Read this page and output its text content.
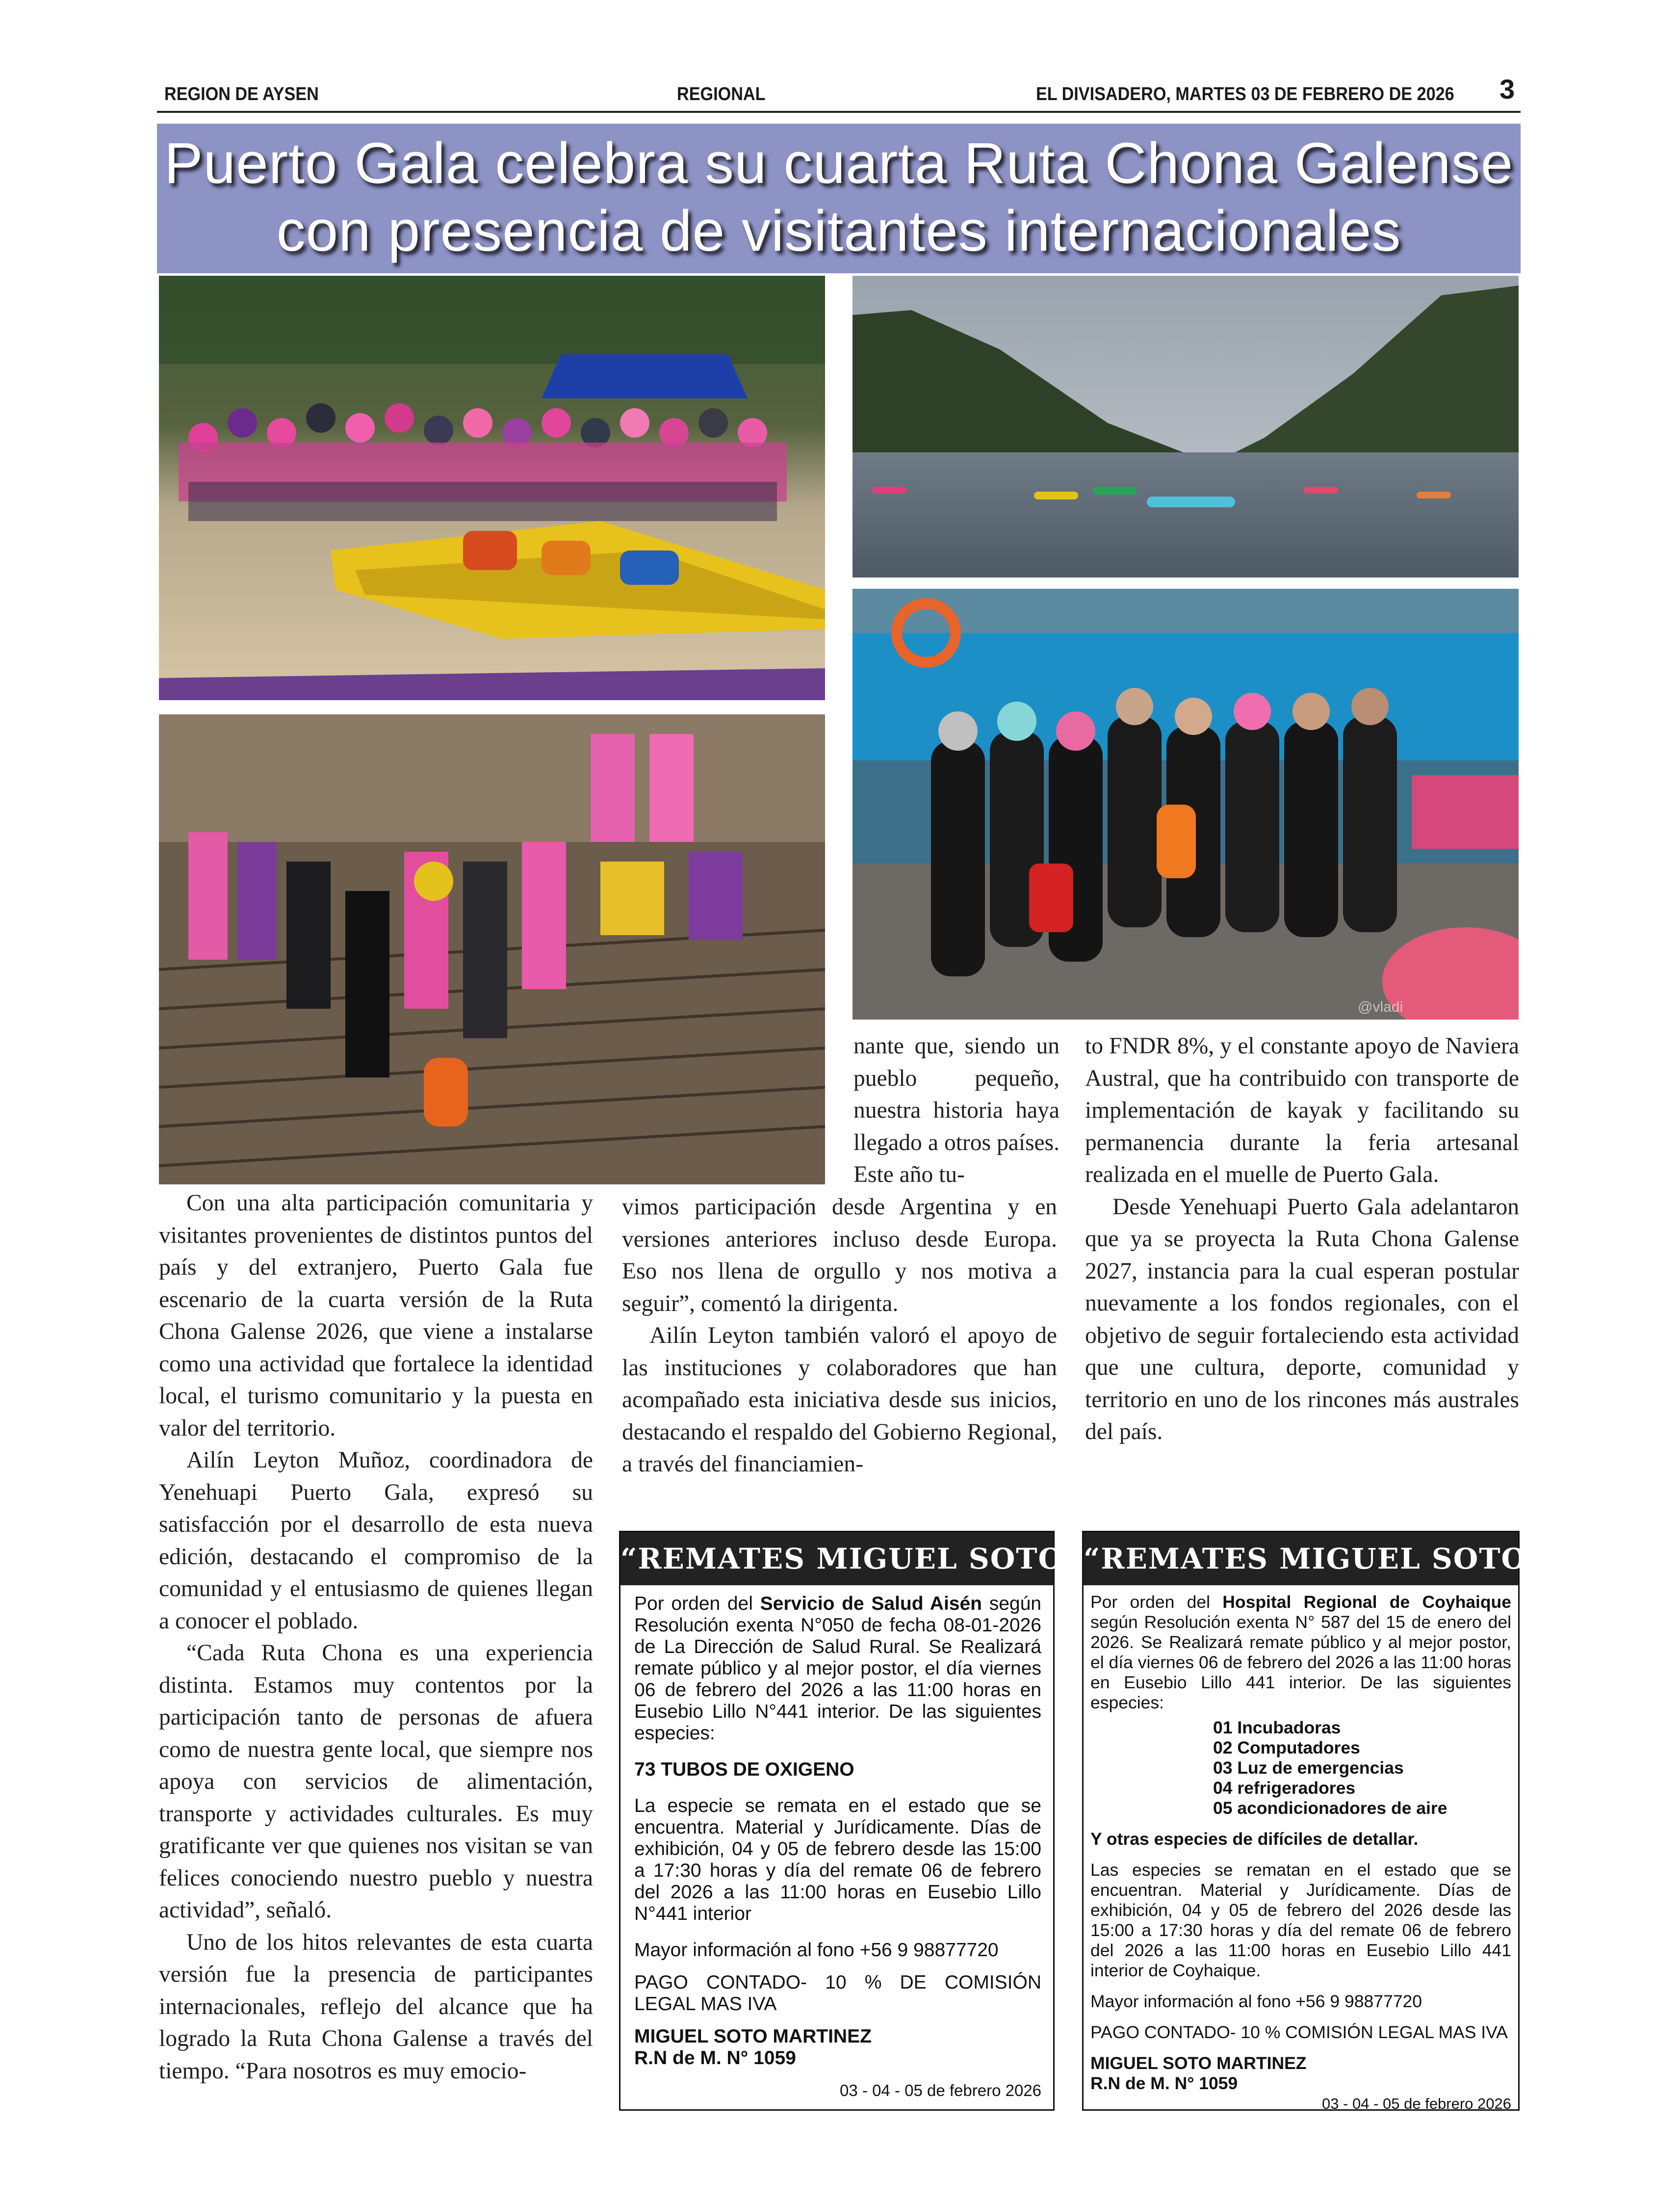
REGION DE AYSEN	REGIONAL	EL DIVISADERO, MARTES 03 DE FEBRERO DE 2026 3
Puerto Gala celebra su cuarta Ruta Chona Galense
con presencia de visitantes internacionales
@vladi

nante que, siendo un pueblo pequeño, nuestra historia haya llegado a otros países. Este año tu-

Con una alta participación comunitaria y visitantes provenientes de distintos puntos del país y del extranjero, Puerto Gala fue escenario de la cuarta versión de la Ruta Chona Galense 2026, que viene a instalarse como una actividad que fortalece la identidad local, el turismo comunitario y la puesta en valor del territorio.

Ailín Leyton Muñoz, coordinadora de Yenehuapi Puerto Gala, expresó su satisfacción por el desarrollo de esta nueva edición, destacando el compromiso de la comunidad y el entusiasmo de quienes llegan a conocer el poblado.

“Cada Ruta Chona es una experiencia distinta. Estamos muy contentos por la participación tanto de personas de afuera como de nuestra gente local, que siempre nos apoya con servicios de alimentación, transporte y actividades culturales. Es muy gratificante ver que quienes nos visitan se van felices conociendo nuestro pueblo y nuestra actividad”, señaló.

Uno de los hitos relevantes de esta cuarta versión fue la presencia de participantes internacionales, reflejo del alcance que ha logrado la Ruta Chona Galense a través del tiempo. “Para nosotros es muy emocio-

vimos participación desde Argentina y en versiones anteriores incluso desde Europa. Eso nos llena de orgullo y nos motiva a seguir”, comentó la dirigenta.

Ailín Leyton también valoró el apoyo de las instituciones y colaboradores que han acompañado esta iniciativa desde sus inicios, destacando el respaldo del Gobierno Regional, a través del financiamien-

to FNDR 8%, y el constante apoyo de Naviera Austral, que ha contribuido con transporte de implementación de kayak y facilitando su permanencia durante la feria artesanal realizada en el muelle de Puerto Gala.

Desde Yenehuapi Puerto Gala adelantaron que ya se proyecta la Ruta Chona Galense 2027, instancia para la cual esperan postular nuevamente a los fondos regionales, con el objetivo de seguir fortaleciendo esta actividad que une cultura, deporte, comunidad y territorio en uno de los rincones más australes del país.

“REMATES MIGUEL SOTO”

Por orden del Servicio de Salud Aisén según Resolución exenta N°050 de fecha 08-01-2026 de La Dirección de Salud Rural. Se Realizará remate público y al mejor postor, el día viernes 06 de febrero del 2026 a las 11:00 horas en Eusebio Lillo N°441 interior. De las siguientes especies:

73 TUBOS DE OXIGENO

La especie se remata en el estado que se encuentra. Material y Jurídicamente. Días de exhibición, 04 y 05 de febrero desde las 15:00 a 17:30 horas y día del remate 06 de febrero del 2026 a las 11:00 horas en Eusebio Lillo N°441 interior

Mayor información al fono +56 9 98877720

PAGO CONTADO- 10 % DE COMISIÓN LEGAL MAS IVA

MIGUEL SOTO MARTINEZ

R.N de M. N° 1059

03 - 04 - 05 de febrero 2026

“REMATES MIGUEL SOTO”

Por orden del Hospital Regional de Coyhaique según Resolución exenta N° 587 del 15 de enero del 2026. Se Realizará remate público y al mejor postor, el día viernes 06 de febrero del 2026 a las 11:00 horas en Eusebio Lillo 441 interior. De las siguientes especies:

01 Incubadoras
02 Computadores
03 Luz de emergencias
04 refrigeradores
05 acondicionadores de aire

Y otras especies de difíciles de detallar.

Las especies se rematan en el estado que se encuentran. Material y Jurídicamente. Días de exhibición, 04 y 05 de febrero del 2026 desde las 15:00 a 17:30 horas y día del remate 06 de febrero del 2026 a las 11:00 horas en Eusebio Lillo 441 interior de Coyhaique.

Mayor información al fono +56 9 98877720

PAGO CONTADO- 10 % COMISIÓN LEGAL MAS IVA

MIGUEL SOTO MARTINEZ

R.N de M. N° 1059

03 - 04 - 05 de febrero 2026
